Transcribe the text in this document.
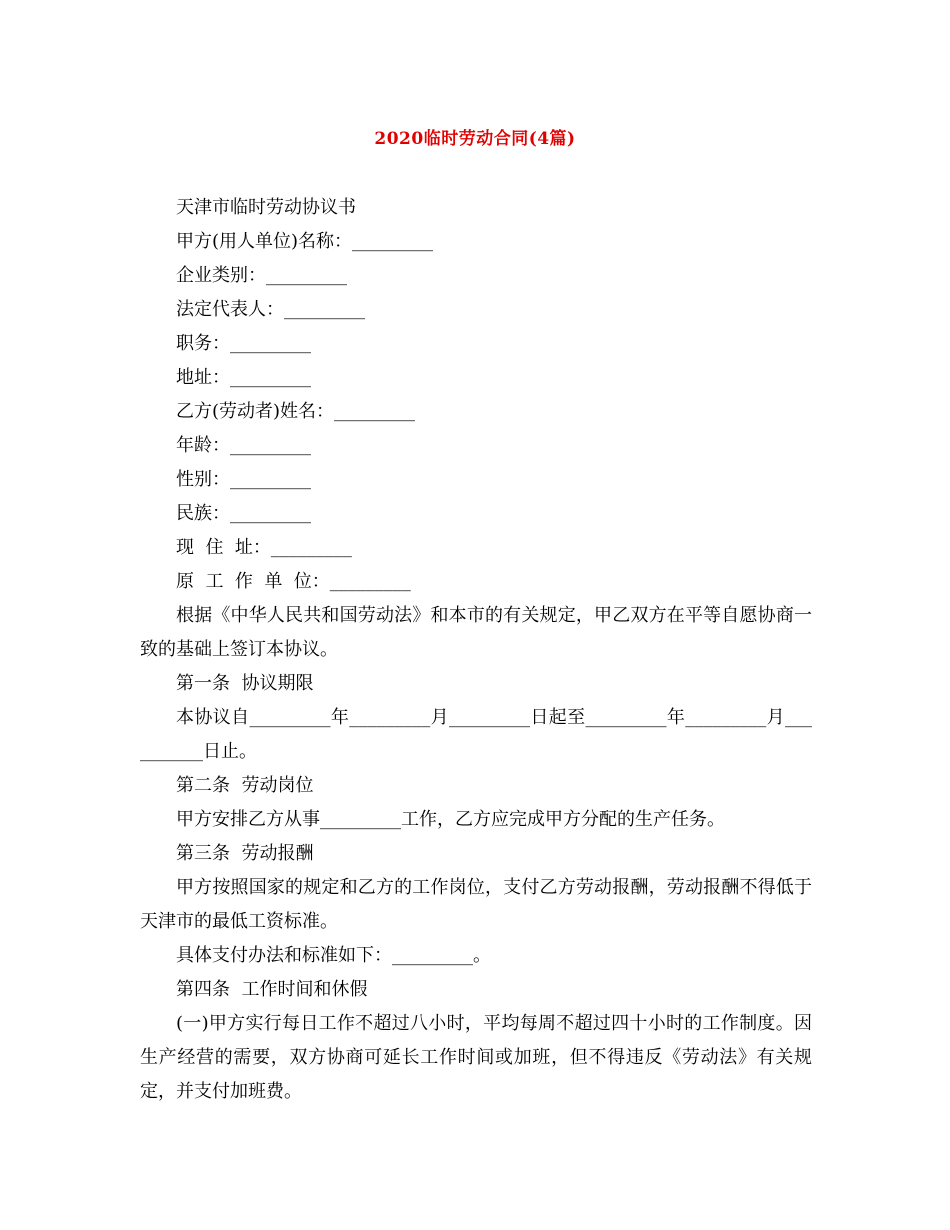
2020临时劳动合同(4篇)

天津市临时劳动协议书

甲方(用人单位)名称：_________

企业类别：_________

法定代表人：_________

职务：_________

地址：_________

乙方(劳动者)姓名：_________

年龄：_________

性别：_________

民族：_________

现  住  址：_________

原  工  作  单  位：_________

根据《中华人民共和国劳动法》和本市的有关规定，甲乙双方在平等自愿协商一致的基础上签订本协议。

第一条  协议期限

本协议自_________年_________月_________日起至_________年_________月__________日止。

第二条  劳动岗位

甲方安排乙方从事_________工作，乙方应完成甲方分配的生产任务。

第三条  劳动报酬

甲方按照国家的规定和乙方的工作岗位，支付乙方劳动报酬，劳动报酬不得低于天津市的最低工资标准。

具体支付办法和标准如下：_________。

第四条  工作时间和休假

(一)甲方实行每日工作不超过八小时，平均每周不超过四十小时的工作制度。因生产经营的需要，双方协商可延长工作时间或加班，但不得违反《劳动法》有关规定，并支付加班费。
